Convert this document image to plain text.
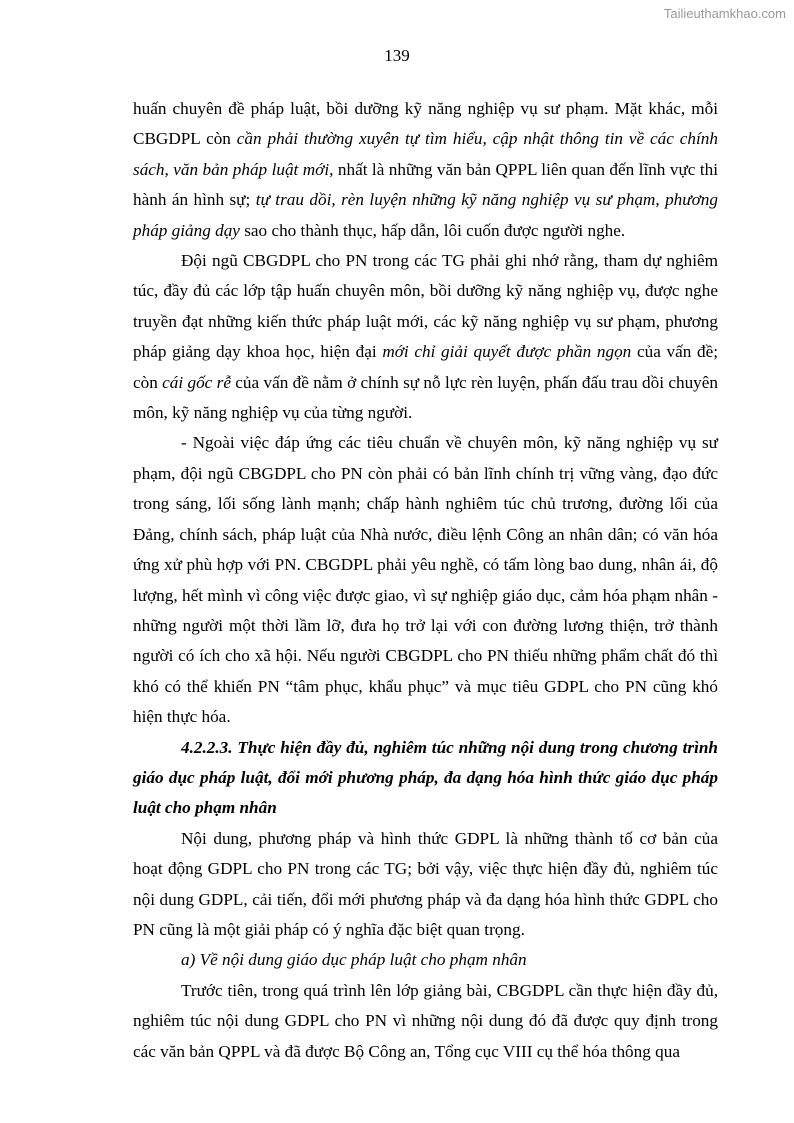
Tailieuthamkhao.com
139

huấn chuyên đề pháp luật, bồi dưỡng kỹ năng nghiệp vụ sư phạm. Mặt khác, mỗi CBGDPL còn cần phải thường xuyên tự tìm hiểu, cập nhật thông tin về các chính sách, văn bản pháp luật mới, nhất là những văn bản QPPL liên quan đến lĩnh vực thi hành án hình sự; tự trau dồi, rèn luyện những kỹ năng nghiệp vụ sư phạm, phương pháp giảng dạy sao cho thành thục, hấp dẫn, lôi cuốn được người nghe.

Đội ngũ CBGDPL cho PN trong các TG phải ghi nhớ rằng, tham dự nghiêm túc, đầy đủ các lớp tập huấn chuyên môn, bồi dưỡng kỹ năng nghiệp vụ, được nghe truyền đạt những kiến thức pháp luật mới, các kỹ năng nghiệp vụ sư phạm, phương pháp giảng dạy khoa học, hiện đại mới chỉ giải quyết được phần ngọn của vấn đề; còn cái gốc rễ của vấn đề nằm ở chính sự nỗ lực rèn luyện, phấn đấu trau dồi chuyên môn, kỹ năng nghiệp vụ của từng người.

- Ngoài việc đáp ứng các tiêu chuẩn về chuyên môn, kỹ năng nghiệp vụ sư phạm, đội ngũ CBGDPL cho PN còn phải có bản lĩnh chính trị vững vàng, đạo đức trong sáng, lối sống lành mạnh; chấp hành nghiêm túc chủ trương, đường lối của Đảng, chính sách, pháp luật của Nhà nước, điều lệnh Công an nhân dân; có văn hóa ứng xử phù hợp với PN. CBGDPL phải yêu nghề, có tấm lòng bao dung, nhân ái, độ lượng, hết mình vì công việc được giao, vì sự nghiệp giáo dục, cảm hóa phạm nhân - những người một thời lầm lỡ, đưa họ trở lại với con đường lương thiện, trở thành người có ích cho xã hội. Nếu người CBGDPL cho PN thiếu những phẩm chất đó thì khó có thể khiến PN “tâm phục, khẩu phục” và mục tiêu GDPL cho PN cũng khó hiện thực hóa.

4.2.2.3. Thực hiện đầy đủ, nghiêm túc những nội dung trong chương trình giáo dục pháp luật, đổi mới phương pháp, đa dạng hóa hình thức giáo dục pháp luật cho phạm nhân

Nội dung, phương pháp và hình thức GDPL là những thành tố cơ bản của hoạt động GDPL cho PN trong các TG; bởi vậy, việc thực hiện đầy đủ, nghiêm túc nội dung GDPL, cải tiến, đổi mới phương pháp và đa dạng hóa hình thức GDPL cho PN cũng là một giải pháp có ý nghĩa đặc biệt quan trọng.

a) Về nội dung giáo dục pháp luật cho phạm nhân

Trước tiên, trong quá trình lên lớp giảng bài, CBGDPL cần thực hiện đầy đủ, nghiêm túc nội dung GDPL cho PN vì những nội dung đó đã được quy định trong các văn bản QPPL và đã được Bộ Công an, Tổng cục VIII cụ thể hóa thông qua
